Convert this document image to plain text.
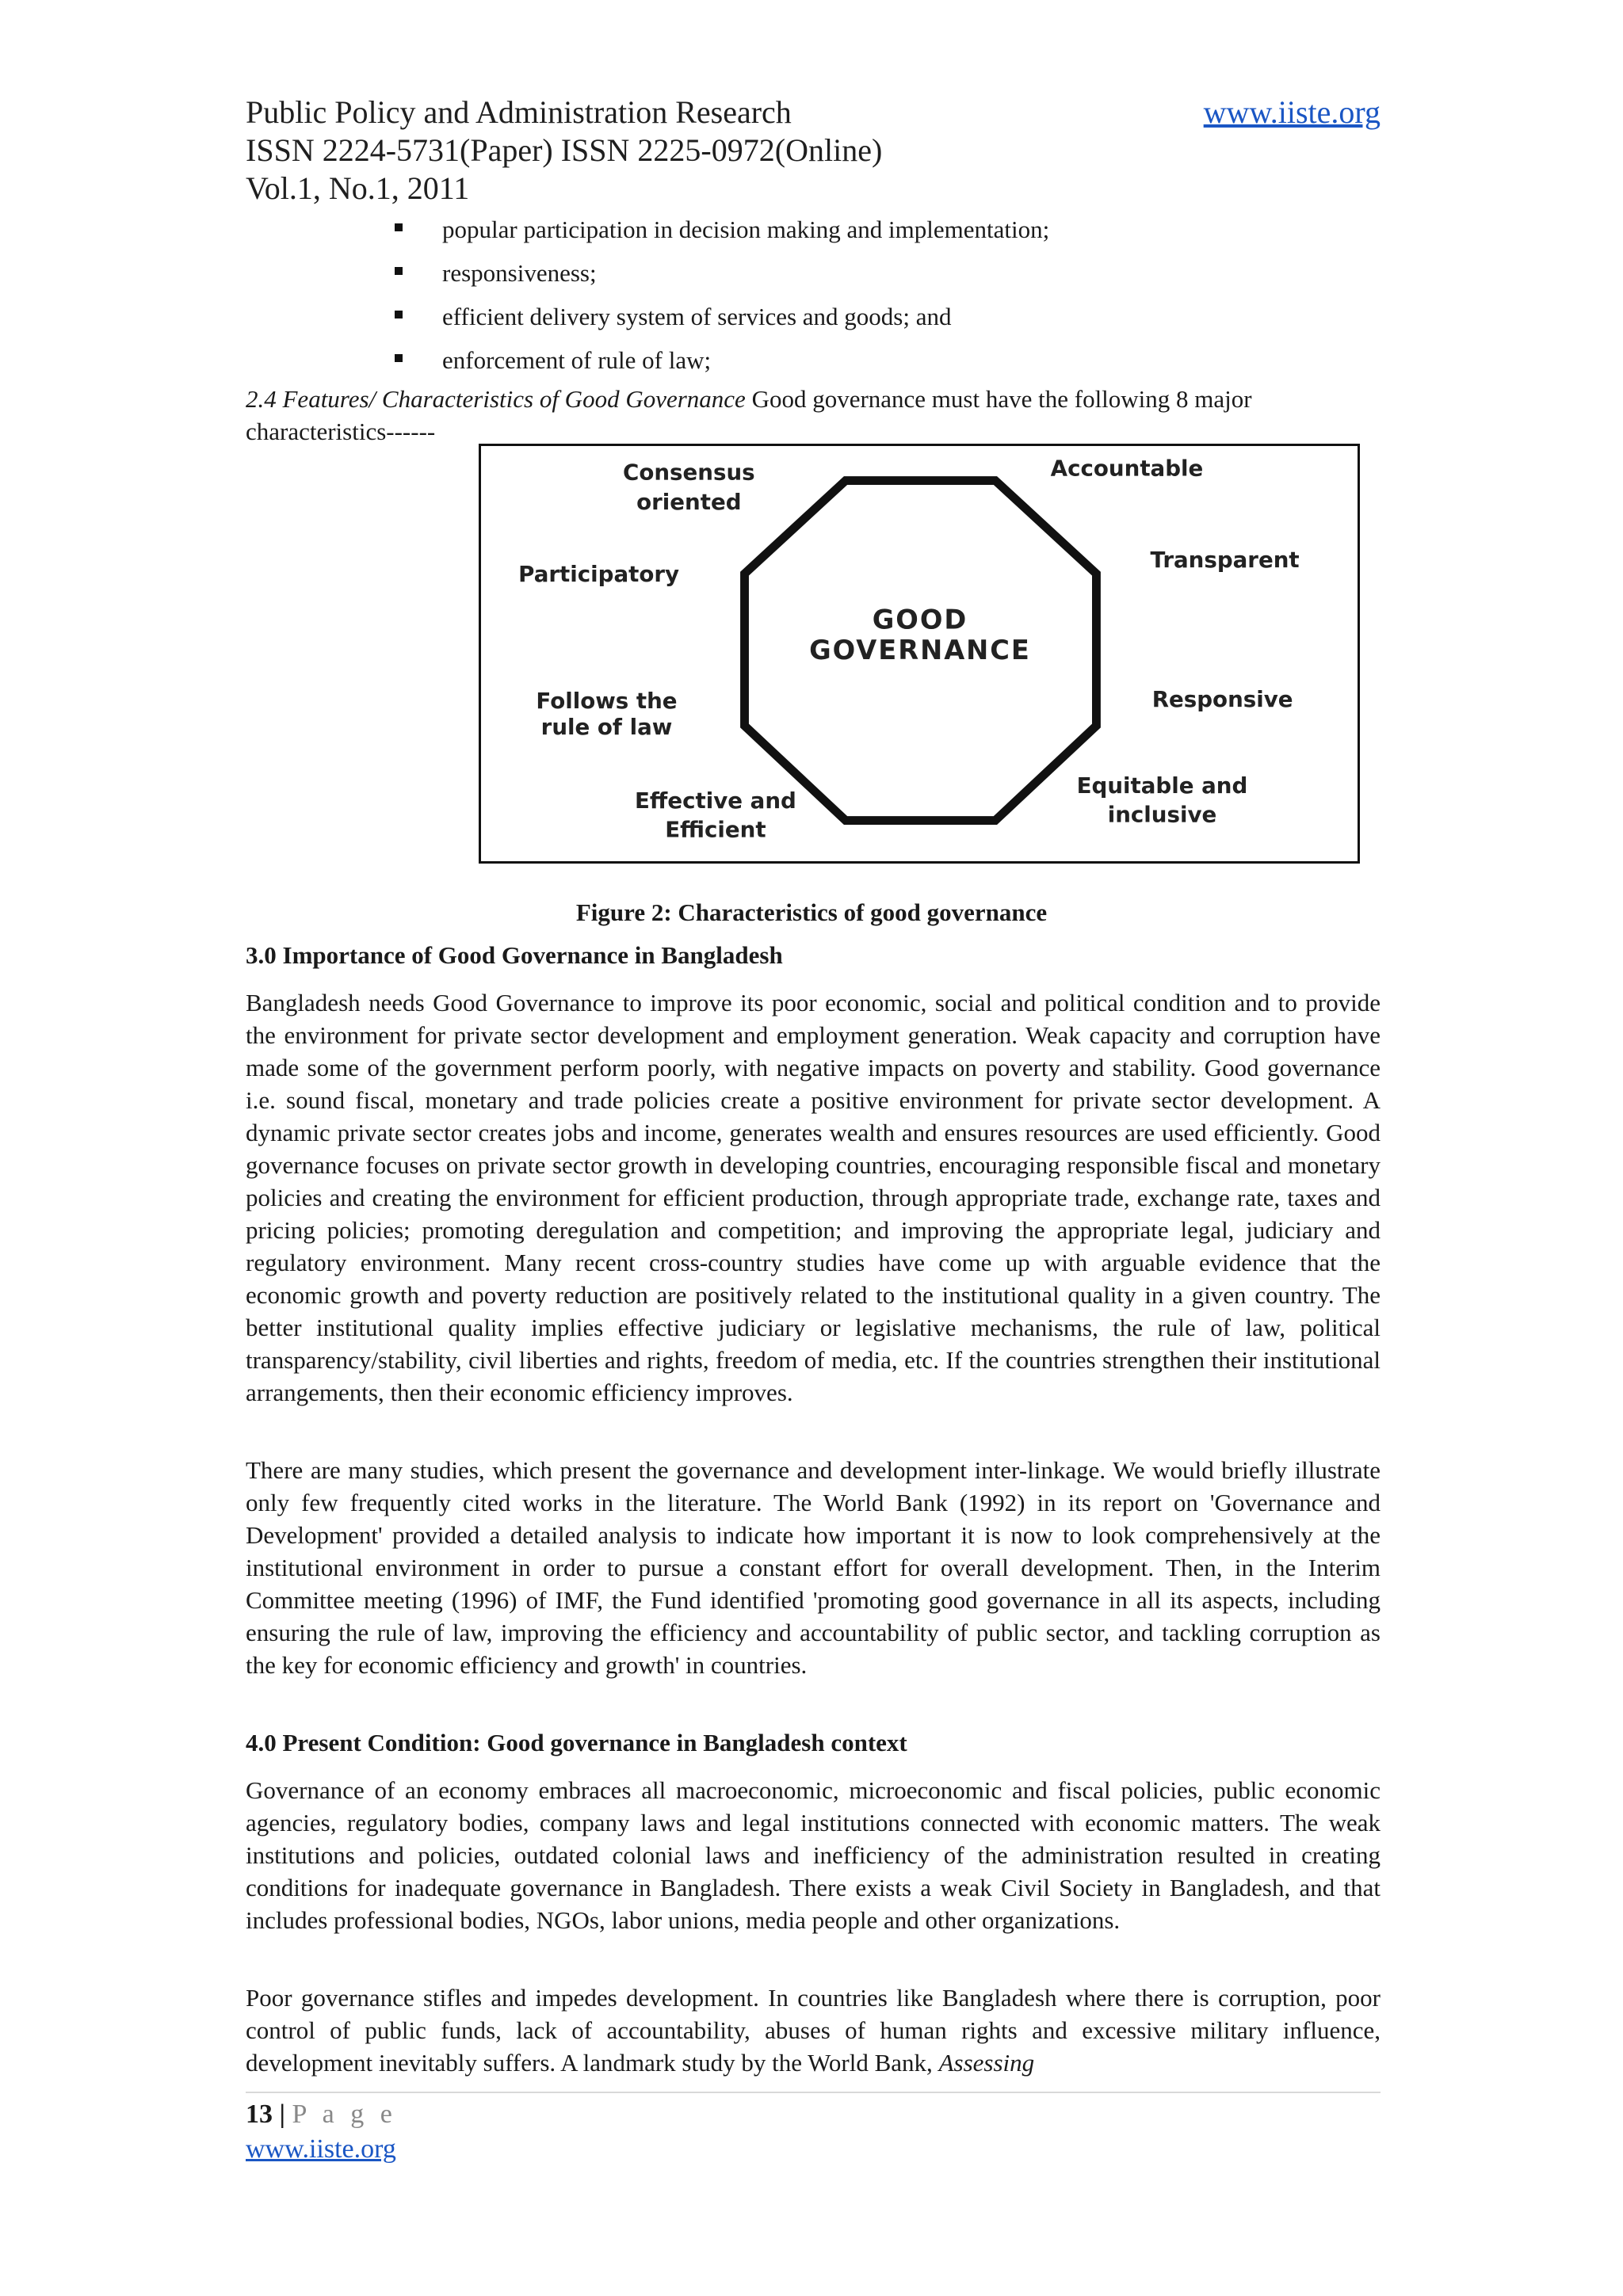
Public Policy and Administration Research

ISSN 2224-5731(Paper) ISSN 2225-0972(Online)

Vol.1, No.1, 2011

www.iiste.org
popular participation in decision making and implementation;
responsiveness;
efficient delivery system of services and goods; and
enforcement of rule of law;

2.4 Features/ Characteristics of Good Governance Good governance must have the following 8 major characteristics------

GOOD
GOVERNANCE
Consensus
oriented
Accountable
Participatory
Transparent
Follows the
rule of law
Responsive
Effective and
Efficient
Equitable and
inclusive

Figure 2: Characteristics of good governance

3.0 Importance of Good Governance in Bangladesh

Bangladesh needs Good Governance to improve its poor economic, social and political condition and to provide the environment for private sector development and employment generation. Weak capacity and corruption have made some of the government perform poorly, with negative impacts on poverty and stability. Good governance i.e. sound fiscal, monetary and trade policies create a positive environment for private sector development. A dynamic private sector creates jobs and income, generates wealth and ensures resources are used efficiently. Good governance focuses on private sector growth in developing countries, encouraging responsible fiscal and monetary policies and creating the environment for efficient production, through appropriate trade, exchange rate, taxes and pricing policies; promoting deregulation and competition; and improving the appropriate legal, judiciary and regulatory environment. Many recent cross-country studies have come up with arguable evidence that the economic growth and poverty reduction are positively related to the institutional quality in a given country. The better institutional quality implies effective judiciary or legislative mechanisms, the rule of law, political transparency/stability, civil liberties and rights, freedom of media, etc. If the countries strengthen their institutional arrangements, then their economic efficiency improves.

There are many studies, which present the governance and development inter-linkage. We would briefly illustrate only few frequently cited works in the literature. The World Bank (1992) in its report on 'Governance and Development' provided a detailed analysis to indicate how important it is now to look comprehensively at the institutional environment in order to pursue a constant effort for overall development. Then, in the Interim Committee meeting (1996) of IMF, the Fund identified 'promoting good governance in all its aspects, including ensuring the rule of law, improving the efficiency and accountability of public sector, and tackling corruption as the key for economic efficiency and growth' in countries.

4.0 Present Condition: Good governance in Bangladesh context

Governance of an economy embraces all macroeconomic, microeconomic and fiscal policies, public economic agencies, regulatory bodies, company laws and legal institutions connected with economic matters. The weak institutions and policies, outdated colonial laws and inefficiency of the administration resulted in creating conditions for inadequate governance in Bangladesh. There exists a weak Civil Society in Bangladesh, and that includes professional bodies, NGOs, labor unions, media people and other organizations.

Poor governance stifles and impedes development. In countries like Bangladesh where there is corruption, poor control of public funds, lack of accountability, abuses of human rights and excessive military influence, development inevitably suffers. A landmark study by the World Bank, Assessing

13 | P a g e
www.iiste.org
